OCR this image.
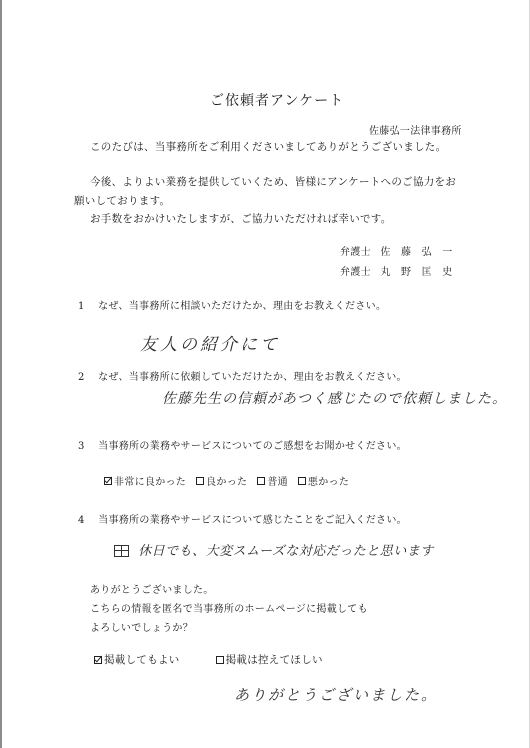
ご依頼者アンケート
佐藤弘一法律事務所
このたびは、当事務所をご利用くださいましてありがとうございました。
今後、よりよい業務を提供していくため、皆様にアンケートへのご協力をお
願いしております。
お手数をおかけいたしますが、ご協力いただければ幸いです。
弁護士 佐　藤　弘　一
弁護士 丸　野　匡　史
1 なぜ、当事務所に相談いただけたか、理由をお教えください。
友人の紹介にて
2 なぜ、当事務所に依頼していただけたか、理由をお教えください。
佐藤先生の信頼があつく感じたので依頼しました。
3 当事務所の業務やサービスについてのご感想をお聞かせください。
非常に良かった 良かった 普通 悪かった
4 当事務所の業務やサービスについて感じたことをご記入ください。
休日でも、大変スムーズな対応だったと思います
ありがとうございました。
こちらの情報を匿名で当事務所のホームページに掲載しても
よろしいでしょうか？
掲載してもよい	掲載は控えてほしい
ありがとうございました。
